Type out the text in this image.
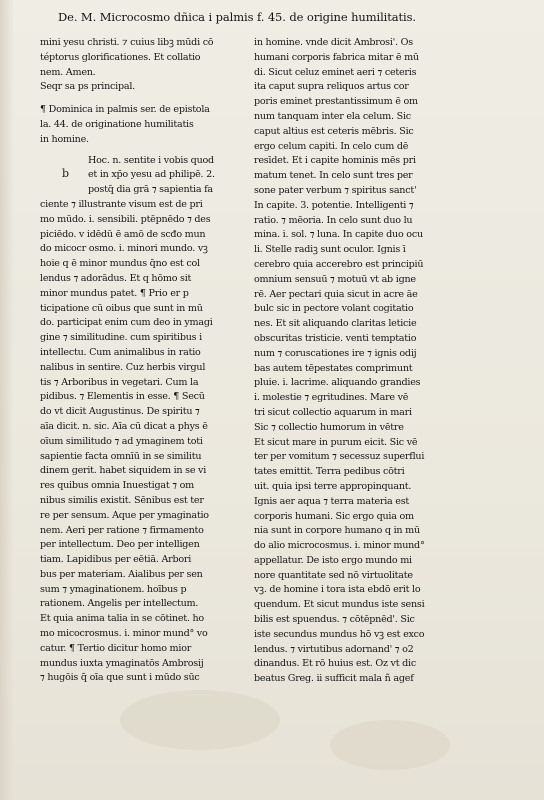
De. M. Microcosmo dñica i palmis f. 45. de origine humilitatis.
b
mini yesu christi. ⁊ cuius libꝫ mūdi cō
téptorus glorificationes. Et collatio
nem. Amen.
Seqr sa ps principal.
¶ Dominica in palmis ser. de epistola
la. 44. de originatione humilitatis
in homine.
Hoc. n. sentite i vobis quod
et in xp̄o yesu ad philipē. 2.
postq̄ dia grā ⁊ sapientia fa
ciente ⁊ illustrante visum est de pri
mo mūdo. i. sensibili. ptēpnēdo ⁊ des
piciēdo. v idēdū ē amō de scđo mun
do micocr osmo. i. minori mundo. vꝫ
hoie q ē minor mundus q̄no est col
lendus ⁊ adorādus. Et q hōmo sit
minor mundus patet. ¶ Prio er p
ticipatione cū oibus que sunt in mū
do. participat enim cum deo in ymagi
gine ⁊ similitudine. cum spiritibus i
intellectu. Cum animalibus in ratio
nalibus in sentire. Cuz herbis virgul
tis ⁊ Arboribus in vegetari. Cum la
pidibus. ⁊ Elementis in esse. ¶ Secū
do vt dicit Augustinus. De spiritu ⁊
aīa dicit. n. sic. Aīa cū dicat a phys ē
oīum similitudo ⁊ ad ymaginem toti
sapientie facta omnīū in se similitu
dinem gerit. habet siquidem in se vi
res quibus omnia Inuestigat ⁊ om
nibus similis existit. Sēnibus est ter
re per sensum. Aque per ymaginatio
nem. Aeri per ratione ⁊ firmamento
per intellectum. Deo per intelligen
tiam. Lapidibus per eētiā. Arbori
bus per materiam. Aialibus per sen
sum ⁊ ymaginationem. hoībus p
rationem. Angelis per intellectum.
Et quia anima talia in se cōtinet. ho
mo micocrosmus. i. minor mund° vo
catur. ¶ Tertio dicitur homo mior
mundus iuxta ymaginatōs Ambrosij
⁊ hugōis q̄ oīa que sunt i mūdo sūc
in homine. vnde dicit Ambrosi'. Os
humani corporis fabrica mitar ē mū
di. Sicut celuz eminet aeri ⁊ ceteris
ita caput supra reliquos artus cor
poris eminet prestantissimum ē om
num tanquam inter ela celum. Sic
caput altius est ceteris mēbris. Sic
ergo celum capiti. In celo cum dē
resīdet. Et i capite hominis mēs pri
matum tenet. In celo sunt tres per
sone pater verbum ⁊ spiritus sanct'
In capite. 3. potentie. Intelligenti ⁊
ratio. ⁊ mēoria. In celo sunt duo lu
mina. i. sol. ⁊ luna. In capite duo ocu
li. Stelle radiꝫ sunt oculor. Ignis ī
cerebro quia accerebro est principiū
omnium sensuū ⁊ motuū vt ab igne
rē. Aer pectari quia sicut in acre āe
bulc sic in pectore volant cogitatio
nes. Et sit aliquando claritas leticie
obscuritas tristicie. venti temptatio
num ⁊ coruscationes ire ⁊ ignis odij
bas autem tēpestates comprimunt
pluie. i. lacrime. aliquando grandies
i. molestie ⁊ egritudines. Mare vē
tri sicut collectio aquarum in mari
Sic ⁊ collectio humorum in vētre
Et sicut mare in purum eicit. Sic vē
ter per vomitum ⁊ secessuz superflui
tates emittit. Terra pedibus cōtri
uit. quia ipsi terre appropinquant.
Ignis aer aqua ⁊ terra materia est
corporis humani. Sic ergo quia om
nia sunt in corpore humano q in mū
do alio microcosmus. i. minor mund°
appellatur. De isto ergo mundo mi
nore quantitate sed nō virtuolitate
vꝫ. de homine i tora ista ebdō erit lo
quendum. Et sicut mundus iste sensi
bilis est spuendus. ⁊ cōtēpnēd'. Sic
iste secundus mundus hō vꝫ est exco
lendus. ⁊ virtutibus adornand' ⁊ o2
dinandus. Et rō huius est. Oz vt dic
beatus Greg. ii sufficit mala ñ agef
